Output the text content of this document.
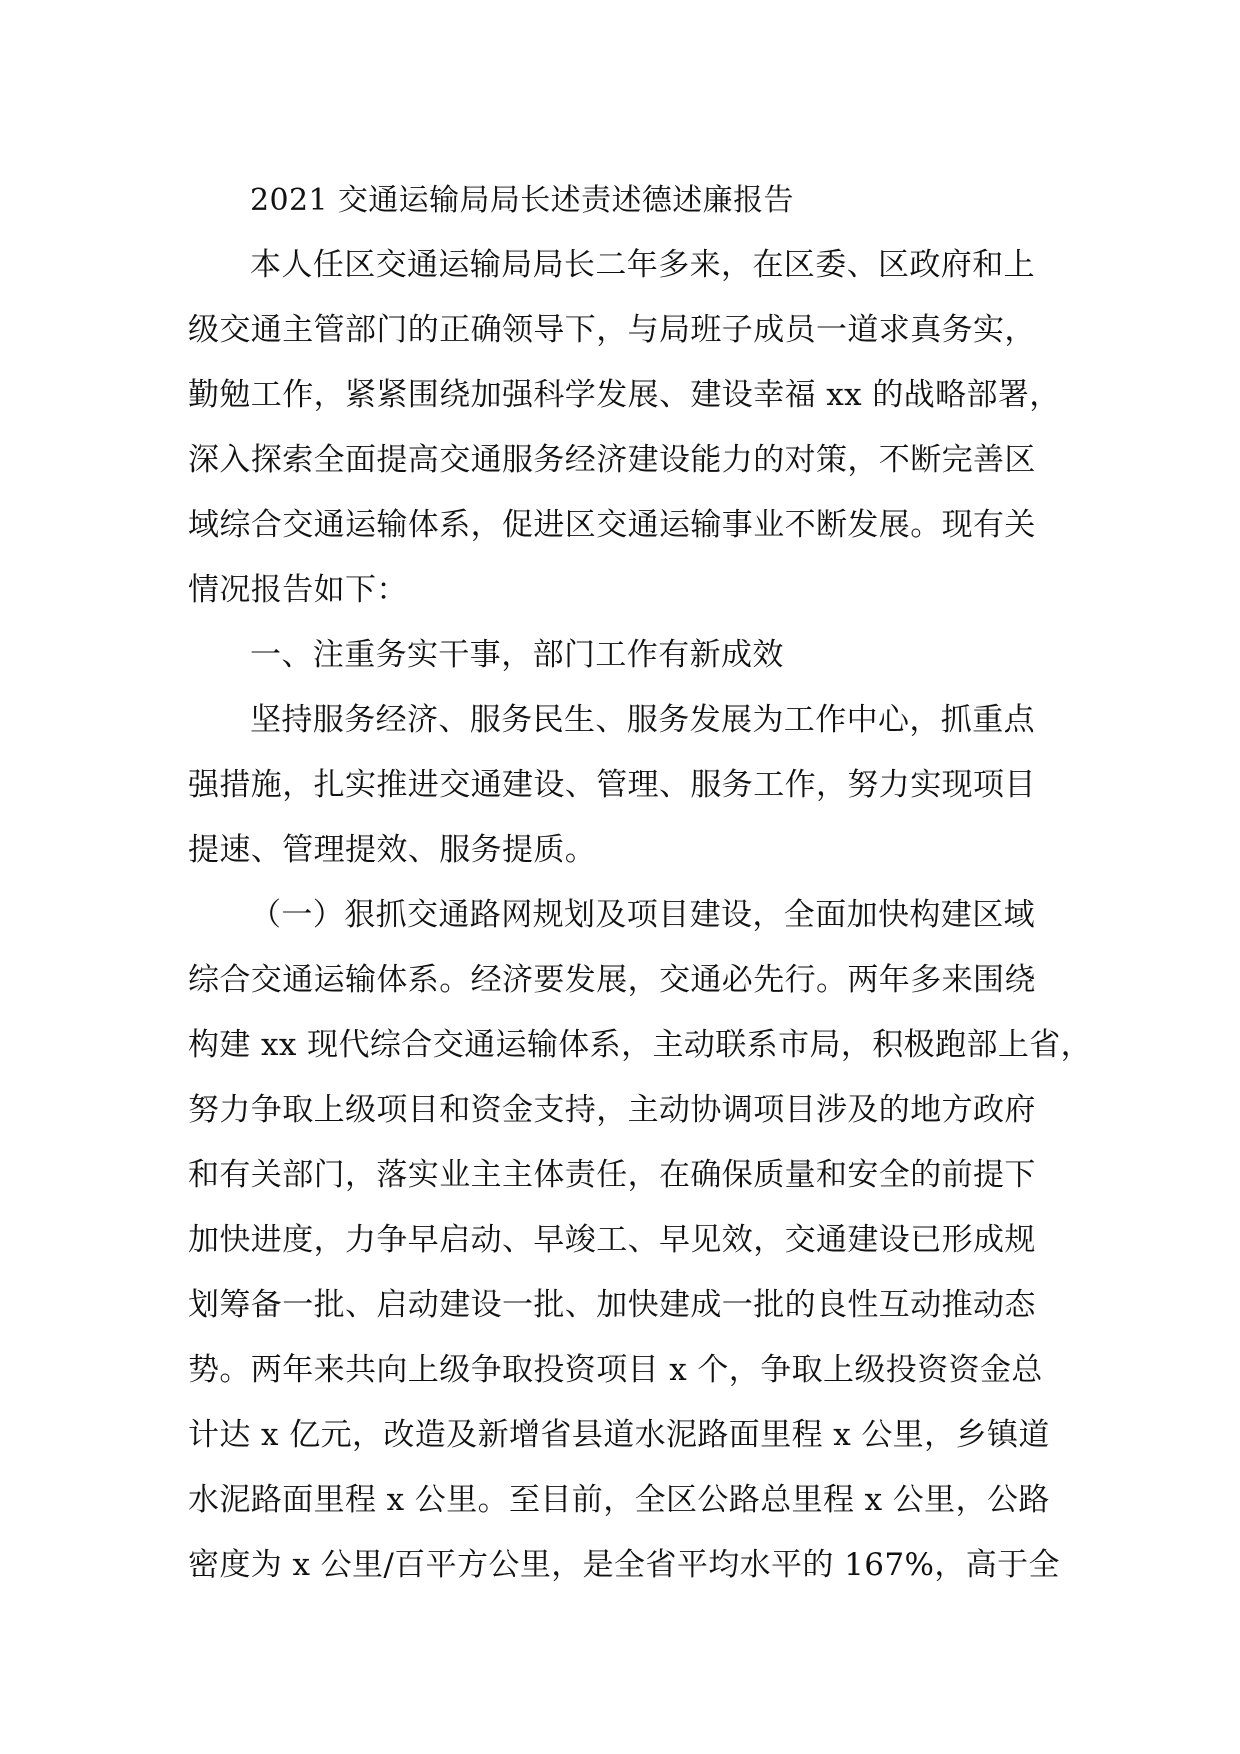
2021 交通运输局局长述责述德述廉报告
本人任区交通运输局局长二年多来，在区委、区政府和上
级交通主管部门的正确领导下，与局班子成员一道求真务实，
勤勉工作，紧紧围绕加强科学发展、建设幸福 xx 的战略部署，
深入探索全面提高交通服务经济建设能力的对策，不断完善区
域综合交通运输体系，促进区交通运输事业不断发展。现有关
情况报告如下：
一、注重务实干事，部门工作有新成效
坚持服务经济、服务民生、服务发展为工作中心，抓重点
强措施，扎实推进交通建设、管理、服务工作，努力实现项目
提速、管理提效、服务提质。
（一）狠抓交通路网规划及项目建设，全面加快构建区域
综合交通运输体系。经济要发展，交通必先行。两年多来围绕
构建 xx 现代综合交通运输体系，主动联系市局，积极跑部上省，
努力争取上级项目和资金支持，主动协调项目涉及的地方政府
和有关部门，落实业主主体责任，在确保质量和安全的前提下
加快进度，力争早启动、早竣工、早见效，交通建设已形成规
划筹备一批、启动建设一批、加快建成一批的良性互动推动态
势。两年来共向上级争取投资项目 x 个，争取上级投资资金总
计达 x 亿元，改造及新增省县道水泥路面里程 x 公里，乡镇道
水泥路面里程 x 公里。至目前，全区公路总里程 x 公里，公路
密度为 x 公里/百平方公里，是全省平均水平的 167%，高于全
